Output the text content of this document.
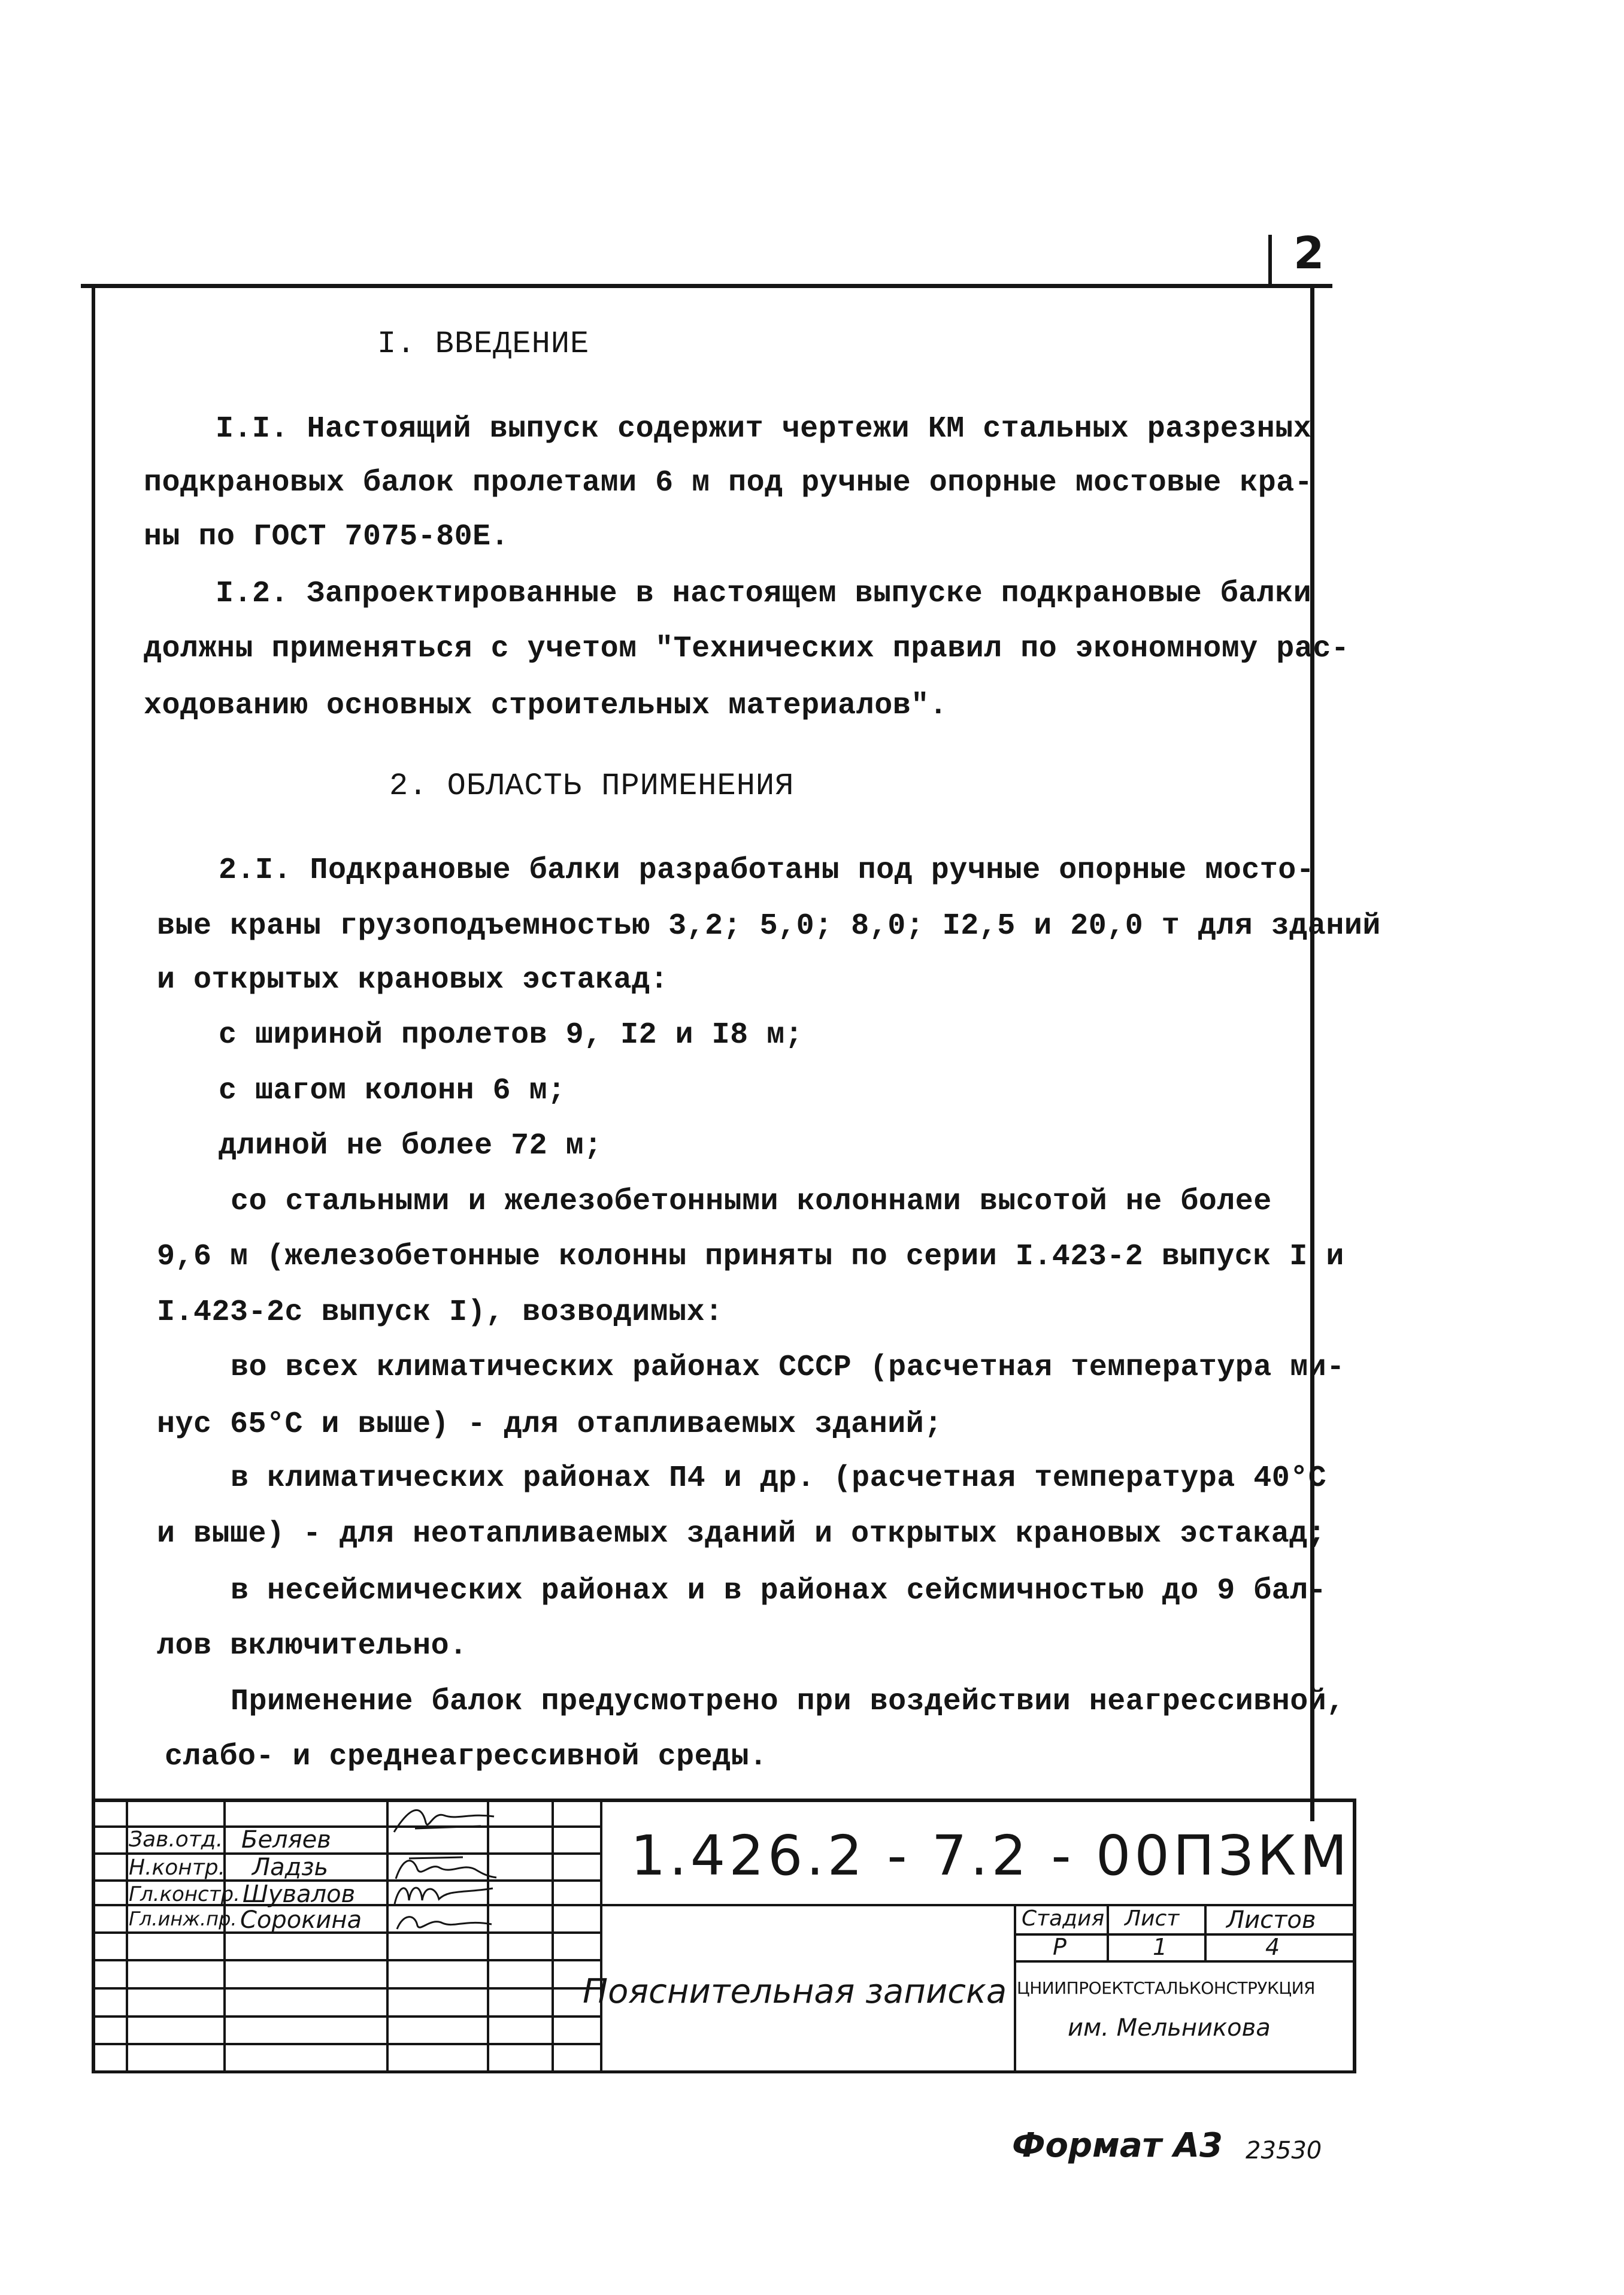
2
I. ВВЕДЕНИЕ
I.I. Настоящий выпуск содержит чертежи КМ стальных разрезных
подкрановых балок пролетами 6 м под ручные опорные мостовые кра-
ны по ГОСТ 7075-80Е.
I.2. Запроектированные в настоящем выпуске подкрановые балки
должны применяться с учетом "Технических правил по экономному рас-
ходованию основных строительных материалов".
2. ОБЛАСТЬ ПРИМЕНЕНИЯ
2.I. Подкрановые балки разработаны под ручные опорные мосто-
вые краны грузоподъемностью 3,2; 5,0; 8,0; I2,5 и 20,0 т для зданий
и открытых крановых эстакад:
с шириной пролетов 9, I2 и I8 м;
с шагом колонн 6 м;
длиной не более 72 м;
со стальными и железобетонными колоннами высотой не более
9,6 м (железобетонные колонны приняты по серии I.423-2 выпуск I и
I.423-2с выпуск I), возводимых:
во всех климатических районах СССР (расчетная температура ми-
нус 65°С и выше) - для отапливаемых зданий;
в климатических районах П4 и др. (расчетная температура 40°С
и выше) - для неотапливаемых зданий и открытых крановых эстакад;
в несейсмических районах и в районах сейсмичностью до 9 бал-
лов включительно.
Применение балок предусмотрено при воздействии неагрессивной,
слабо- и среднеагрессивной среды.
Зав.отд. Беляев
Н.контр. Ладзь
Гл.констр. Шувалов
Гл.инж.пр. Сорокина
1.426.2 - 7.2 - 00ПЗКМ
Пояснительная записка
Стадия Лист Листов
Р	1	4
ЦНИИПРОЕКТСТАЛЬКОНСТРУКЦИЯ
им. Мельникова
Формат А3 23530
